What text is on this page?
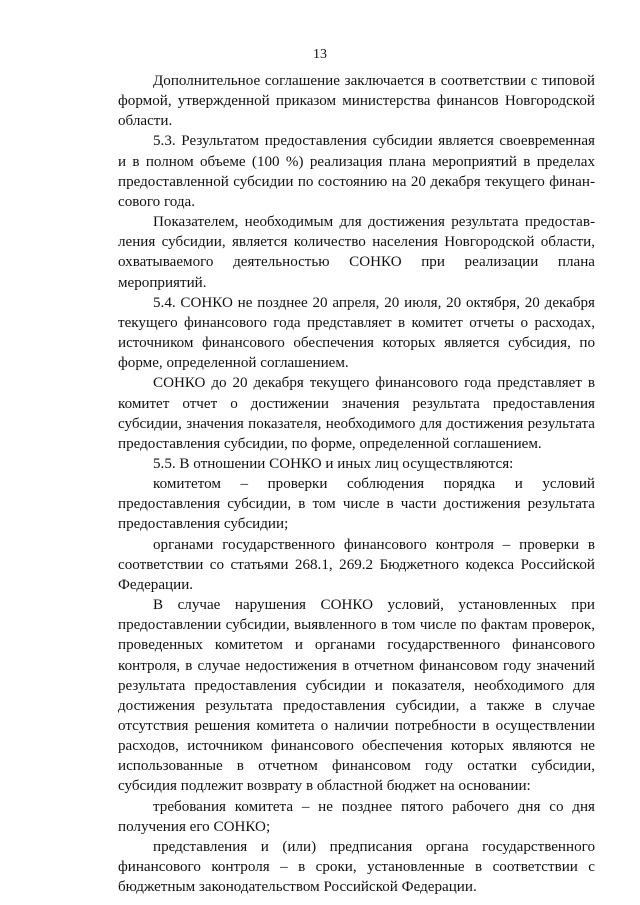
13

Дополнительное соглашение заключается в соответствии с типовой формой, утвержденной приказом министерства финансов Новгородской области.

5.3. Результатом предоставления субсидии является своевременная и в полном объеме (100 %) реализация плана мероприятий в пределах предоставленной субсидии по состоянию на 20 декабря текущего финансового года.

Показателем, необходимым для достижения результата предоставления субсидии, является количество населения Новгородской области, охватываемого деятельностью СОНКО при реализации плана мероприятий.

5.4. СОНКО не позднее 20 апреля, 20 июля, 20 октября, 20 декабря текущего финансового года представляет в комитет отчеты о расходах, источником финансового обеспечения которых является субсидия, по форме, определенной соглашением.

СОНКО до 20 декабря текущего финансового года представляет в комитет отчет о достижении значения результата предоставления субсидии, значения показателя, необходимого для достижения результата предоставления субсидии, по форме, определенной соглашением.

5.5. В отношении СОНКО и иных лиц осуществляются:

комитетом – проверки соблюдения порядка и условий предоставления субсидии, в том числе в части достижения результата предоставления субсидии;

органами государственного финансового контроля – проверки в соответствии со статьями 268.1, 269.2 Бюджетного кодекса Российской Федерации.

В случае нарушения СОНКО условий, установленных при предоставлении субсидии, выявленного в том числе по фактам проверок, проведенных комитетом и органами государственного финансового контроля, в случае недостижения в отчетном финансовом году значений результата предоставления субсидии и показателя, необходимого для достижения результата предоставления субсидии, а также в случае отсутствия решения комитета о наличии потребности в осуществлении расходов, источником финансового обеспечения которых являются не использованные в отчетном финансовом году остатки субсидии, субсидия подлежит возврату в областной бюджет на основании:

требования комитета – не позднее пятого рабочего дня со дня получения его СОНКО;

представления и (или) предписания органа государственного финансового контроля – в сроки, установленные в соответствии с бюджетным законодательством Российской Федерации.
